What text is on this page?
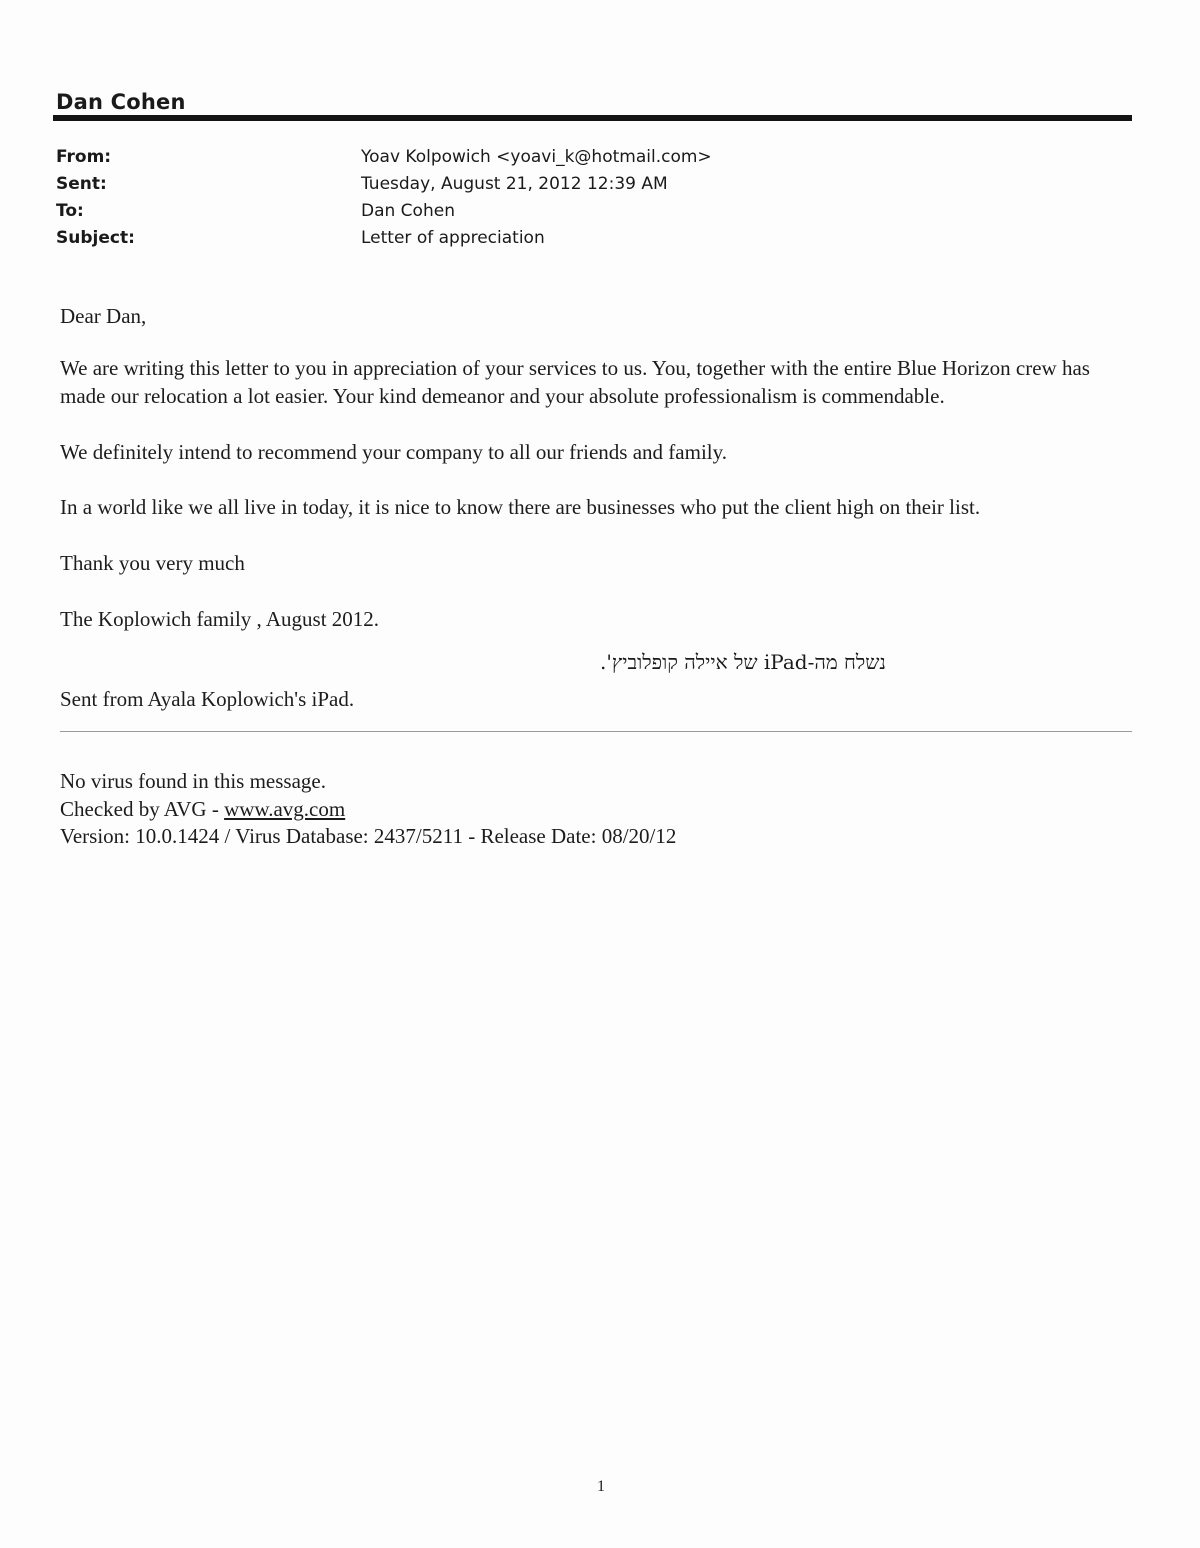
Dan Cohen
From:	Yoav Kolpowich <yoavi_k@hotmail.com>
Sent:	Tuesday, August 21, 2012 12:39 AM
To:	Dan Cohen
Subject:	Letter of appreciation
Dear Dan,
We are writing this letter to you in appreciation of your services to us. You, together with the entire Blue Horizon crew has made our relocation a lot easier. Your kind demeanor and your absolute professionalism is commendable.
We definitely intend to recommend your company to all our friends and family.
In a world like we all live in today, it is nice to know there are businesses who put the client high on their list.
Thank you very much
The Koplowich family , August 2012.
נשלח מה-iPad של איילה קופלוביץ'.
Sent from Ayala Koplowich's iPad.
No virus found in this message.
Checked by AVG - www.avg.com
Version: 10.0.1424 / Virus Database: 2437/5211 - Release Date: 08/20/12
1
